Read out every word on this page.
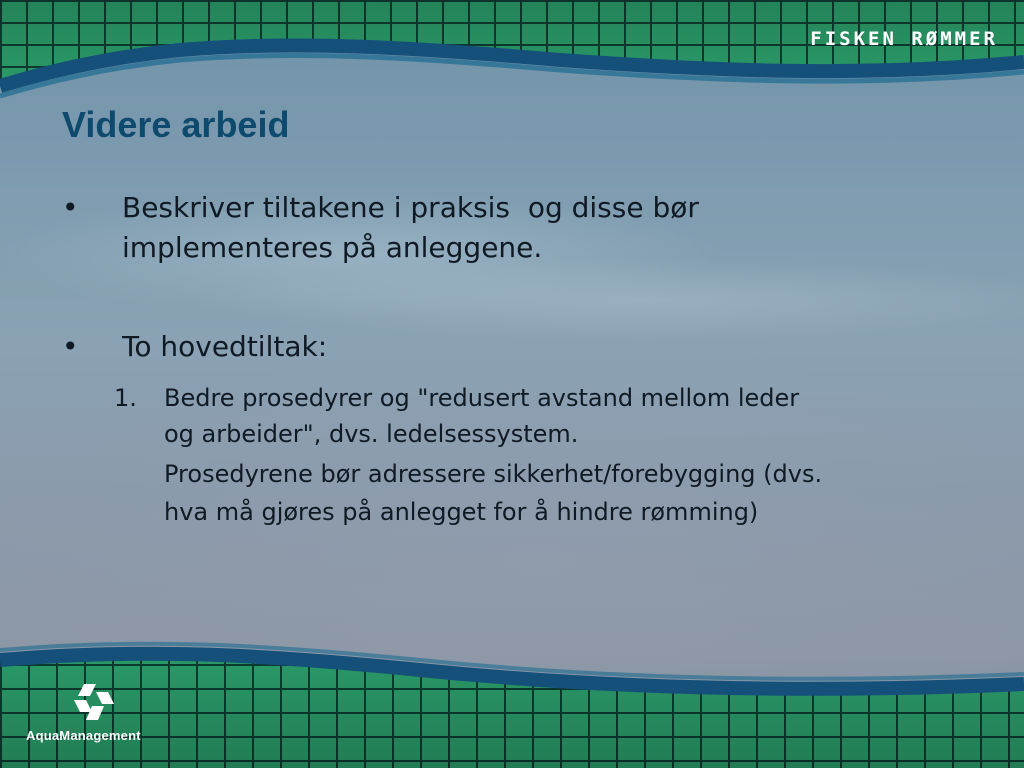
FISKEN RØMMER
Videre arbeid
• Beskriver tiltakene i praksis  og disse bør
implementeres på anleggene.
• To hovedtiltak:
1. Bedre prosedyrer og "redusert avstand mellom leder
og arbeider", dvs. ledelsessystem.
Prosedyrene bør adressere sikkerhet/forebygging (dvs.
hva må gjøres på anlegget for å hindre rømming)
AquaManagement
